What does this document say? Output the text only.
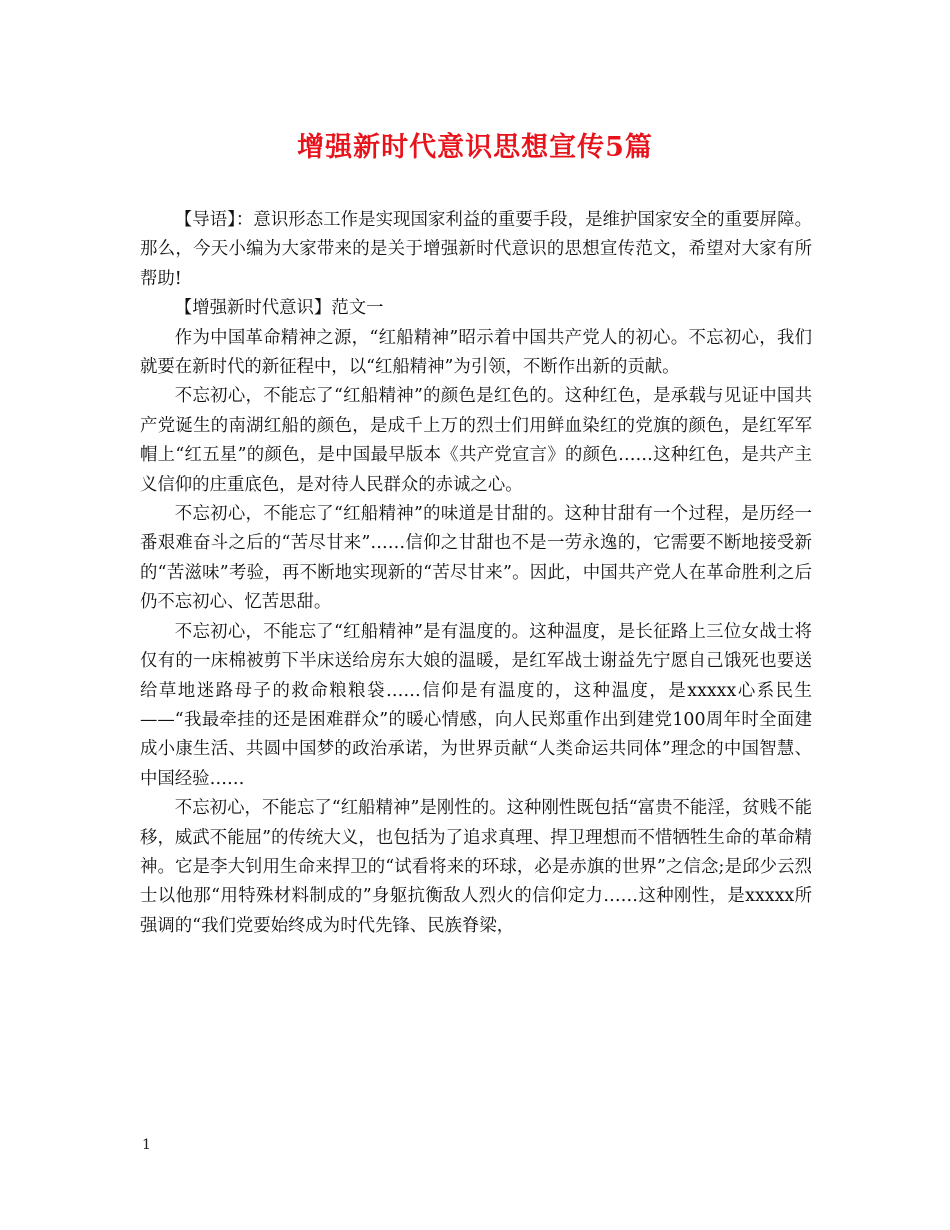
增强新时代意识思想宣传5篇

【导语】：意识形态工作是实现国家利益的重要手段，是维护国家安全的重要屏障。那么，今天小编为大家带来的是关于增强新时代意识的思想宣传范文，希望对大家有所帮助!

【增强新时代意识】范文一

作为中国革命精神之源，“红船精神”昭示着中国共产党人的初心。不忘初心，我们就要在新时代的新征程中，以“红船精神”为引领，不断作出新的贡献。

不忘初心，不能忘了“红船精神”的颜色是红色的。这种红色，是承载与见证中国共产党诞生的南湖红船的颜色，是成千上万的烈士们用鲜血染红的党旗的颜色，是红军军帽上“红五星”的颜色，是中国最早版本《共产党宣言》的颜色……这种红色，是共产主义信仰的庄重底色，是对待人民群众的赤诚之心。

不忘初心，不能忘了“红船精神”的味道是甘甜的。这种甘甜有一个过程，是历经一番艰难奋斗之后的“苦尽甘来”……信仰之甘甜也不是一劳永逸的，它需要不断地接受新的“苦滋味”考验，再不断地实现新的“苦尽甘来”。因此，中国共产党人在革命胜利之后仍不忘初心、忆苦思甜。

不忘初心，不能忘了“红船精神”是有温度的。这种温度，是长征路上三位女战士将仅有的一床棉被剪下半床送给房东大娘的温暖，是红军战士谢益先宁愿自己饿死也要送给草地迷路母子的救命粮粮袋……信仰是有温度的，这种温度，是xxxxx心系民生——“我最牵挂的还是困难群众”的暖心情感，向人民郑重作出到建党100周年时全面建成小康生活、共圆中国梦的政治承诺，为世界贡献“人类命运共同体”理念的中国智慧、中国经验……

不忘初心，不能忘了“红船精神”是刚性的。这种刚性既包括“富贵不能淫，贫贱不能移，威武不能屈”的传统大义，也包括为了追求真理、捍卫理想而不惜牺牲生命的革命精神。它是李大钊用生命来捍卫的“试看将来的环球，必是赤旗的世界”之信念;是邱少云烈士以他那“用特殊材料制成的”身躯抗衡敌人烈火的信仰定力……这种刚性，是xxxxx所强调的“我们党要始终成为时代先锋、民族脊梁，

1
